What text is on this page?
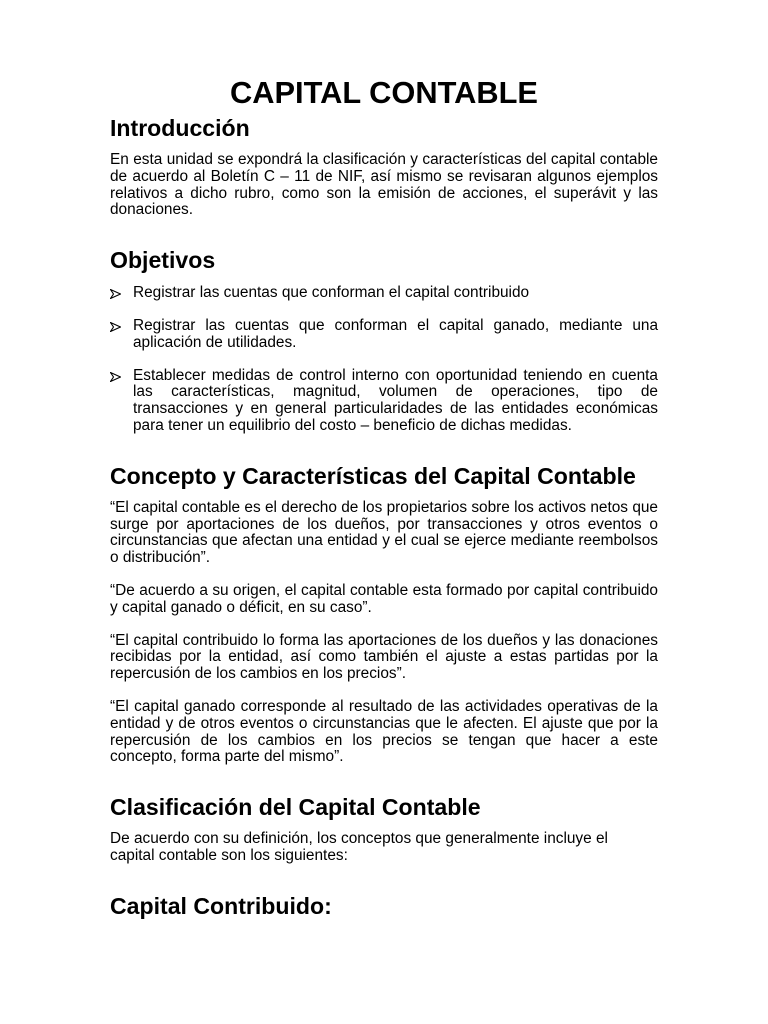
CAPITAL CONTABLE
Introducción

En esta unidad se expondrá la clasificación y características del capital contable de acuerdo al Boletín C – 11 de NIF, así mismo se revisaran algunos ejemplos relativos a dicho rubro, como son la emisión de acciones, el superávit y las donaciones.

Objetivos
Registrar las cuentas que conforman el capital contribuido
Registrar las cuentas que conforman el capital ganado, mediante una aplicación de utilidades.
Establecer medidas de control interno con oportunidad teniendo en cuenta las características, magnitud, volumen de operaciones, tipo de transacciones y en general particularidades de las entidades económicas para tener un equilibrio del costo – beneficio de dichas medidas.
Concepto y Características del Capital Contable

“El capital contable es el derecho de los propietarios sobre los activos netos que surge por aportaciones de los dueños, por transacciones y otros eventos o circunstancias que afectan una entidad y el cual se ejerce mediante reembolsos o distribución”.

“De acuerdo a su origen, el capital contable esta formado por capital contribuido y capital ganado o déficit, en su caso”.

“El capital contribuido lo forma las aportaciones de los dueños y las donaciones recibidas por la entidad, así como también el ajuste a estas partidas por la repercusión de los cambios en los precios”.

“El capital ganado corresponde al resultado de las actividades operativas de la entidad y de otros eventos o circunstancias que le afecten. El ajuste que por la repercusión de los cambios en los precios se tengan que hacer a este concepto, forma parte del mismo”.

Clasificación del Capital Contable

De acuerdo con su definición, los conceptos que generalmente incluye el
capital contable son los siguientes:

Capital Contribuido:
